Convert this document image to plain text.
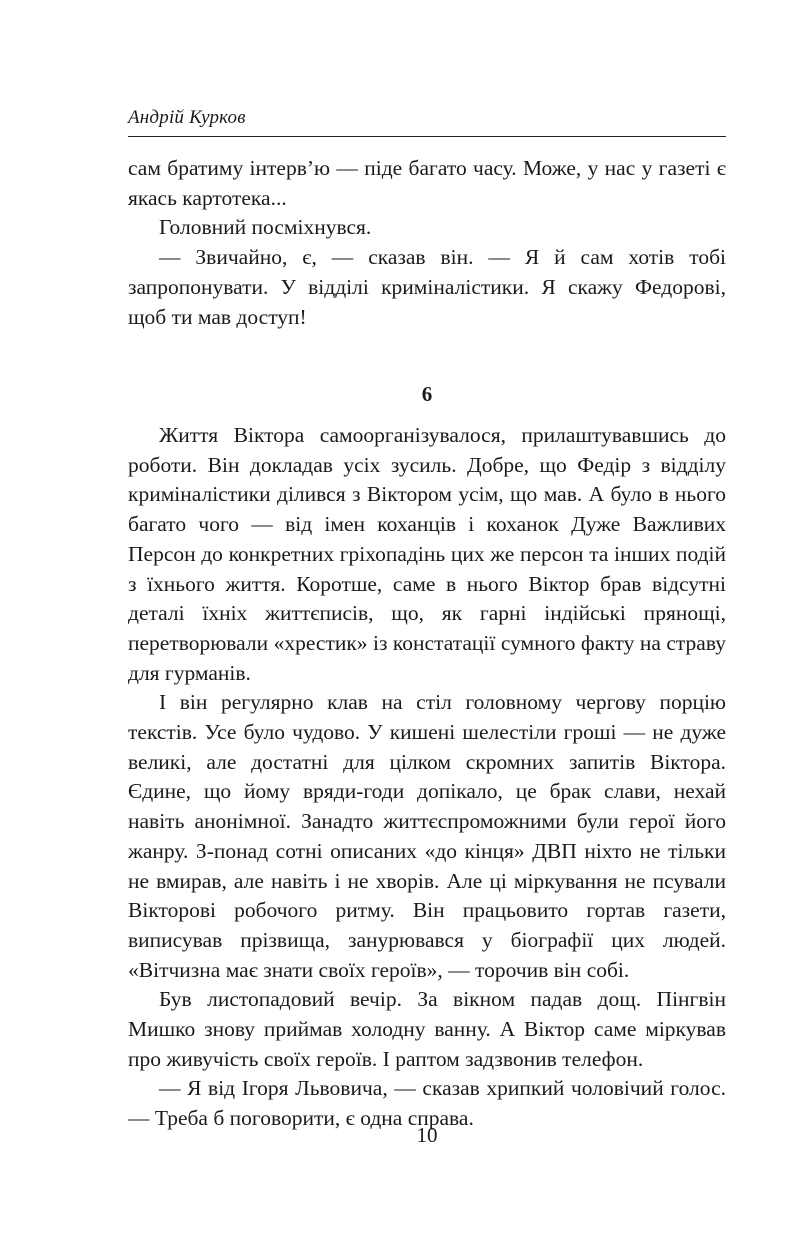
Андрій Курков

сам братиму інтерв’ю — піде багато часу. Може, у нас у газеті є якась картотека...

Головний посміхнувся.

— Звичайно, є, — сказав він. — Я й сам хотів тобі запропонувати. У відділі криміналістики. Я скажу Федорові, щоб ти мав доступ!

6

Життя Віктора самоорганізувалося, прилаштувавшись до роботи. Він докладав усіх зусиль. Добре, що Федір з відділу криміналістики ділився з Віктором усім, що мав. А було в нього багато чого — від імен коханців і коханок Дуже Важливих Персон до конкретних гріхопадінь цих же персон та інших подій з їхнього життя. Коротше, саме в нього Віктор брав відсутні деталі їхніх життєписів, що, як гарні індійські прянощі, перетворювали «хрестик» із констатації сумного факту на страву для гурманів.

І він регулярно клав на стіл головному чергову порцію текстів. Усе було чудово. У кишені шелестіли гроші — не дуже великі, але достатні для цілком скромних запитів Віктора. Єдине, що йому вряди-годи допікало, це брак слави, нехай навіть анонімної. Занадто життєспроможними були герої його жанру. З-понад сотні описаних «до кінця» ДВП ніхто не тільки не вмирав, але навіть і не хворів. Але ці міркування не псували Вікторові робочого ритму. Він працьовито гортав газети, виписував прізвища, занурювався у біографії цих людей. «Вітчизна має знати своїх героїв», — торочив він собі.

Був листопадовий вечір. За вікном падав дощ. Пінгвін Мишко знову приймав холодну ванну. А Віктор саме міркував про живучість своїх героїв. І раптом задзвонив телефон.

— Я від Ігоря Львовича, — сказав хрипкий чоловічий голос. — Треба б поговорити, є одна справа.

10
